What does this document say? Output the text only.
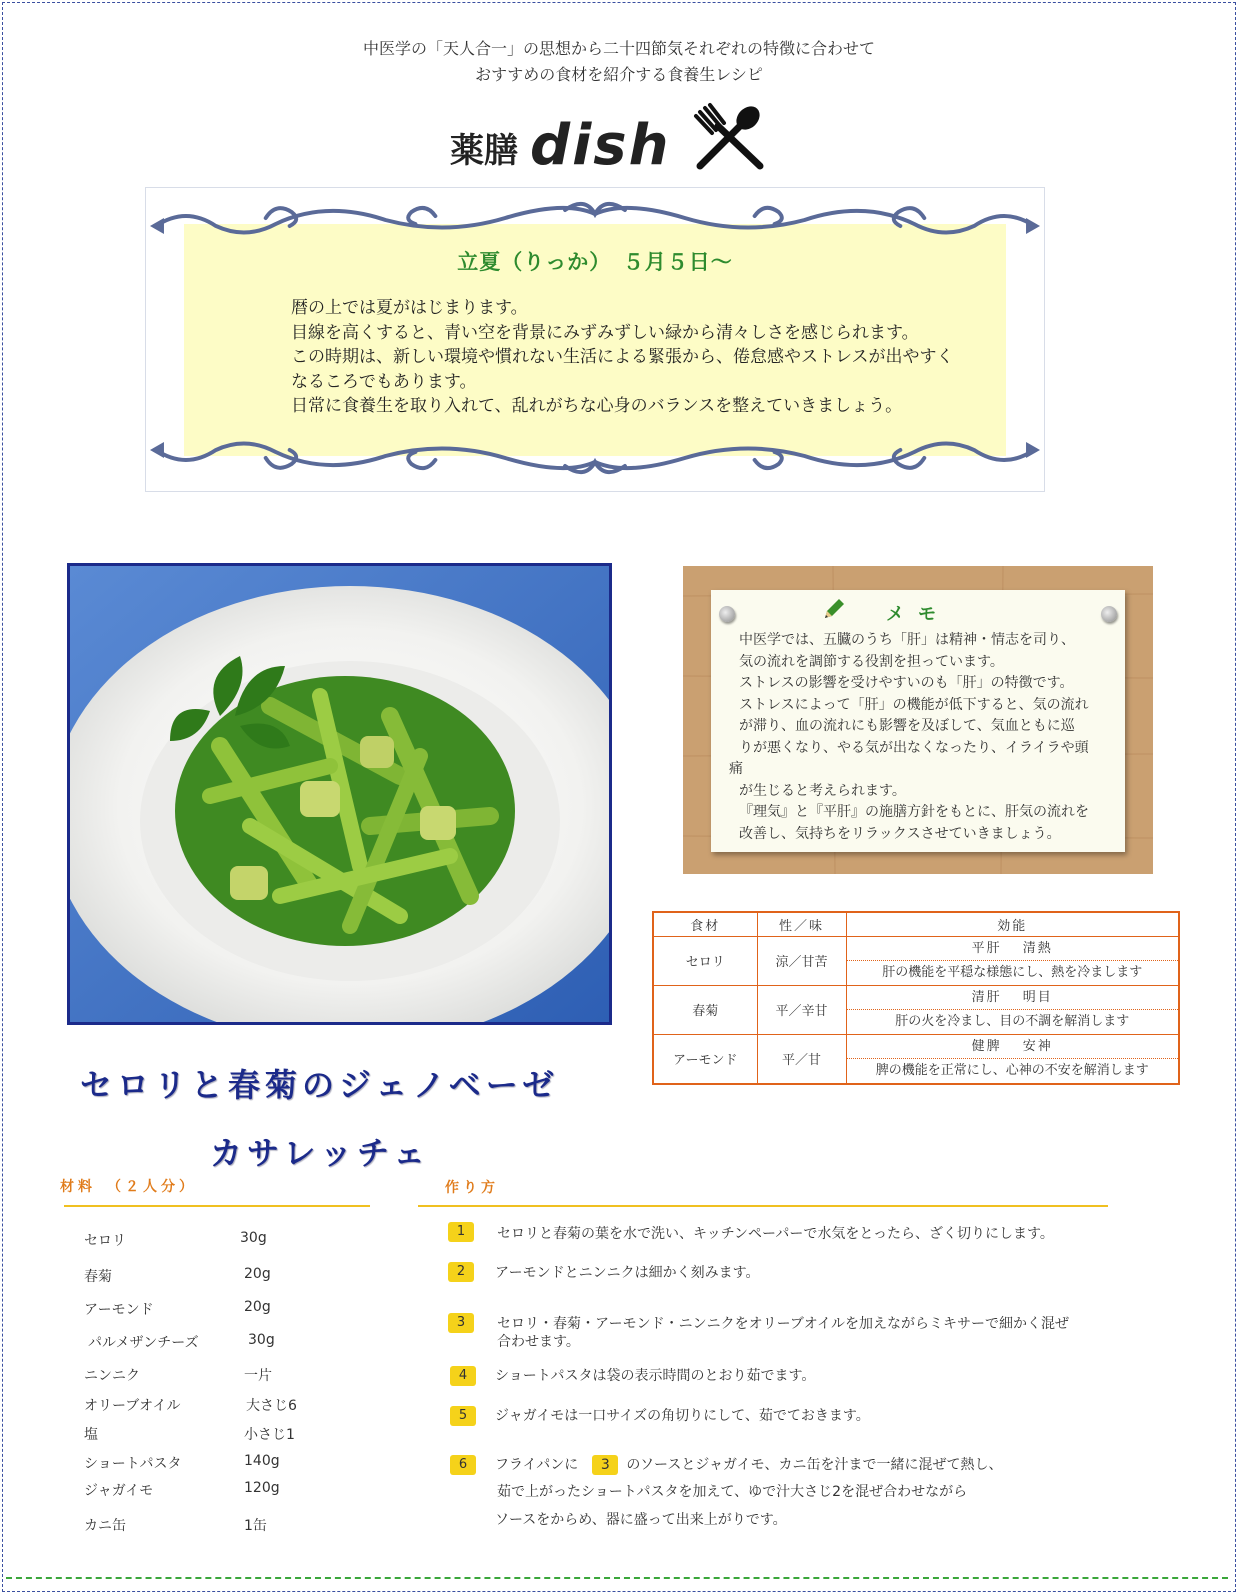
中医学の「天人合一」の思想から二十四節気それぞれの特徴に合わせて
おすすめの食材を紹介する食養生レシピ
薬膳 dish
立夏（りっか）　５月５日～
暦の上では夏がはじまります。
目線を高くすると、青い空を背景にみずみずしい緑から清々しさを感じられます。
この時期は、新しい環境や慣れない生活による緊張から、倦怠感やストレスが出やすく
なるころでもあります。
日常に食養生を取り入れて、乱れがちな心身のバランスを整えていきましょう。
メモ

中医学では、五臓のうち「肝」は精神・情志を司り、

気の流れを調節する役割を担っています。

ストレスの影響を受けやすいのも「肝」の特徴です。

ストレスによって「肝」の機能が低下すると、気の流れ

が滞り、血の流れにも影響を及ぼして、気血ともに巡

りが悪くなり、やる気が出なくなったり、イライラや頭

痛

が生じると考えられます。

『理気』と『平肝』の施膳方針をもとに、肝気の流れを

改善し、気持ちをリラックスさせていきましょう。

食材	性／味	効能
セロリ	涼／甘苦	平肝　 清熱
肝の機能を平穏な様態にし、熱を冷まします

春菊	平／辛甘	清肝　 明目
肝の火を冷まし、目の不調を解消します

アーモンド	平／甘	健脾　 安神
脾の機能を正常にし、心神の不安を解消します
セロリと春菊のジェノベーゼ
カサレッチェ
材料　（２人分）
セロリ	30g
春菊	20g
アーモンド	20g
パルメザンチーズ	30g
ニンニク	一片
オリーブオイル	大さじ6
塩	小さじ1
ショートパスタ	140g
ジャガイモ	120g
カニ缶	1缶
作り方
1	セロリと春菊の葉を水で洗い、キッチンペーパーで水気をとったら、ざく切りにします。
2	アーモンドとニンニクは細かく刻みます。
3	セロリ・春菊・アーモンド・ニンニクをオリーブオイルを加えながらミキサーで細かく混ぜ
合わせます。
4	ショートパスタは袋の表示時間のとおり茹でます。
5	ジャガイモは一口サイズの角切りにして、茹でておきます。
6	フライパンに 3 のソースとジャガイモ、カニ缶を汁まで一緒に混ぜて熱し、
茹で上がったショートパスタを加えて、ゆで汁大さじ2を混ぜ合わせながら
ソースをからめ、器に盛って出来上がりです。
